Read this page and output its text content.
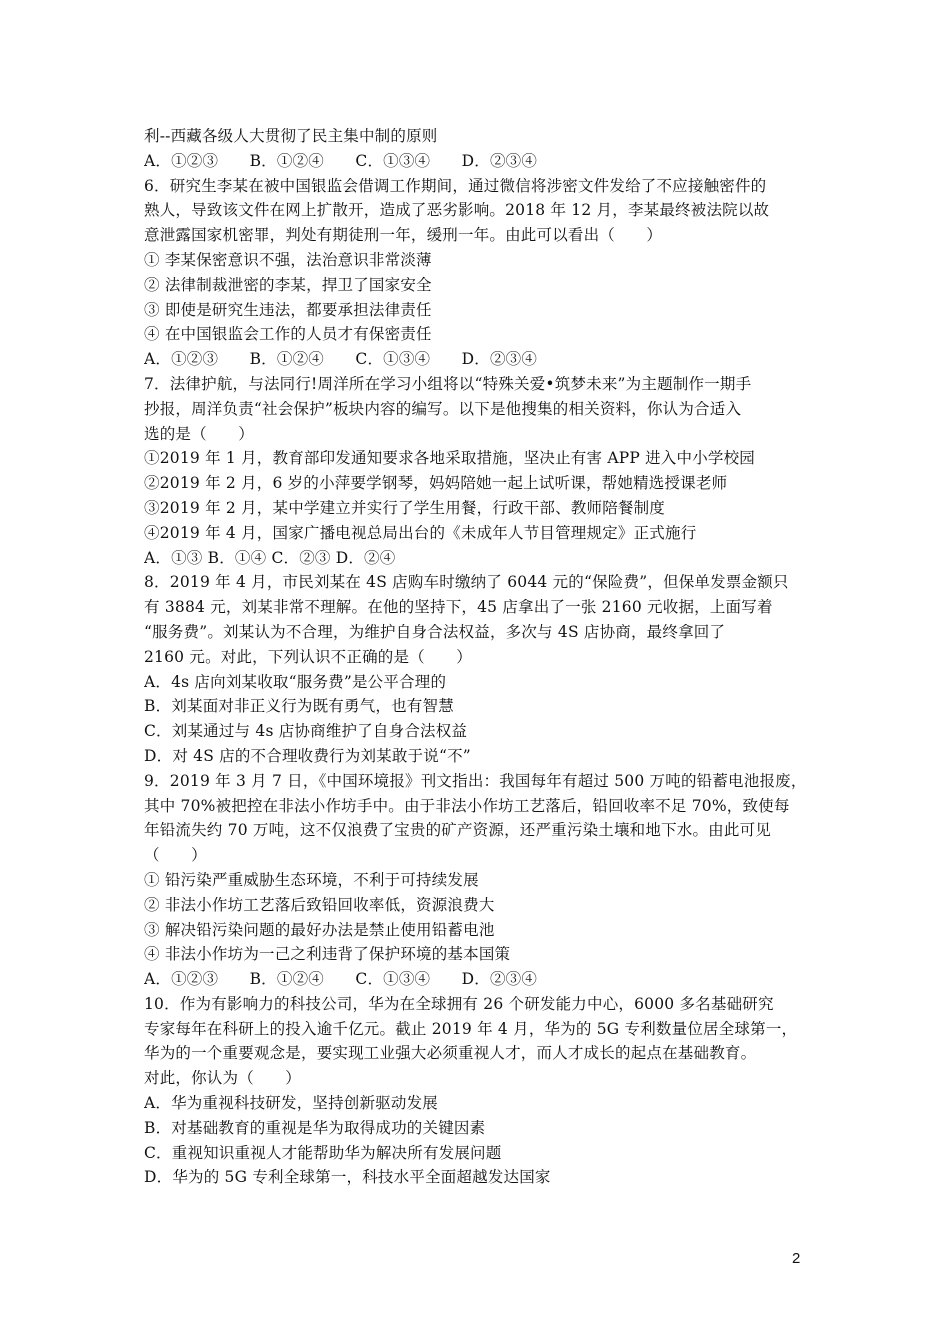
利--西藏各级人大贯彻了民主集中制的原则
A．①②③　　B．①②④　　C．①③④　　D．②③④
6．研究生李某在被中国银监会借调工作期间，通过微信将涉密文件发给了不应接触密件的
熟人，导致该文件在网上扩散开，造成了恶劣影响。2018 年 12 月，李某最终被法院以故
意泄露国家机密罪，判处有期徒刑一年，缓刑一年。由此可以看出（　　）
① 李某保密意识不强，法治意识非常淡薄
② 法律制裁泄密的李某，捍卫了国家安全
③ 即使是研究生违法，都要承担法律责任
④ 在中国银监会工作的人员才有保密责任
A．①②③　　B．①②④　　C．①③④　　D．②③④
7．法律护航，与法同行!周洋所在学习小组将以“特殊关爱•筑梦未来”为主题制作一期手
抄报，周洋负责“社会保护”板块内容的编写。以下是他搜集的相关资料，你认为合适入
选的是（　　）
①2019 年 1 月，教育部印发通知要求各地采取措施，坚决止有害 APP 进入中小学校园
②2019 年 2 月，6 岁的小萍要学钢琴，妈妈陪她一起上试听课，帮她精选授课老师
③2019 年 2 月，某中学建立并实行了学生用餐，行政干部、教师陪餐制度
④2019 年 4 月，国家广播电视总局出台的《未成年人节目管理规定》正式施行
A．①③ B．①④ C．②③ D．②④
8．2019 年 4 月，市民刘某在 4S 店购车时缴纳了 6044 元的“保险费”，但保单发票金额只
有 3884 元，刘某非常不理解。在他的坚持下，45 店拿出了一张 2160 元收据，上面写着
“服务费”。刘某认为不合理，为维护自身合法权益，多次与 4S 店协商，最终拿回了
2160 元。对此，下列认识不正确的是（　　）
A．4s 店向刘某收取“服务费”是公平合理的
B．刘某面对非正义行为既有勇气，也有智慧
C．刘某通过与 4s 店协商维护了自身合法权益
D．对 4S 店的不合理收费行为刘某敢于说“不”
9．2019 年 3 月 7 日，《中国环境报》刊文指出：我国每年有超过 500 万吨的铅蓄电池报废，
其中 70%被把控在非法小作坊手中。由于非法小作坊工艺落后，铅回收率不足 70%，致使每
年铅流失约 70 万吨，这不仅浪费了宝贵的矿产资源，还严重污染土壤和地下水。由此可见
（　　）
① 铅污染严重威胁生态环境，不利于可持续发展
② 非法小作坊工艺落后致铅回收率低，资源浪费大
③ 解决铅污染问题的最好办法是禁止使用铅蓄电池
④ 非法小作坊为一己之利违背了保护环境的基本国策
A．①②③　　B．①②④　　C．①③④　　D．②③④
10．作为有影响力的科技公司，华为在全球拥有 26 个研发能力中心，6000 多名基础研究
专家每年在科研上的投入逾千亿元。截止 2019 年 4 月，华为的 5G 专利数量位居全球第一，
华为的一个重要观念是，要实现工业强大必须重视人才，而人才成长的起点在基础教育。
对此，你认为（　　）
A．华为重视科技研发，坚持创新驱动发展
B．对基础教育的重视是华为取得成功的关键因素
C．重视知识重视人才能帮助华为解决所有发展问题
D．华为的 5G 专利全球第一，科技水平全面超越发达国家
2
